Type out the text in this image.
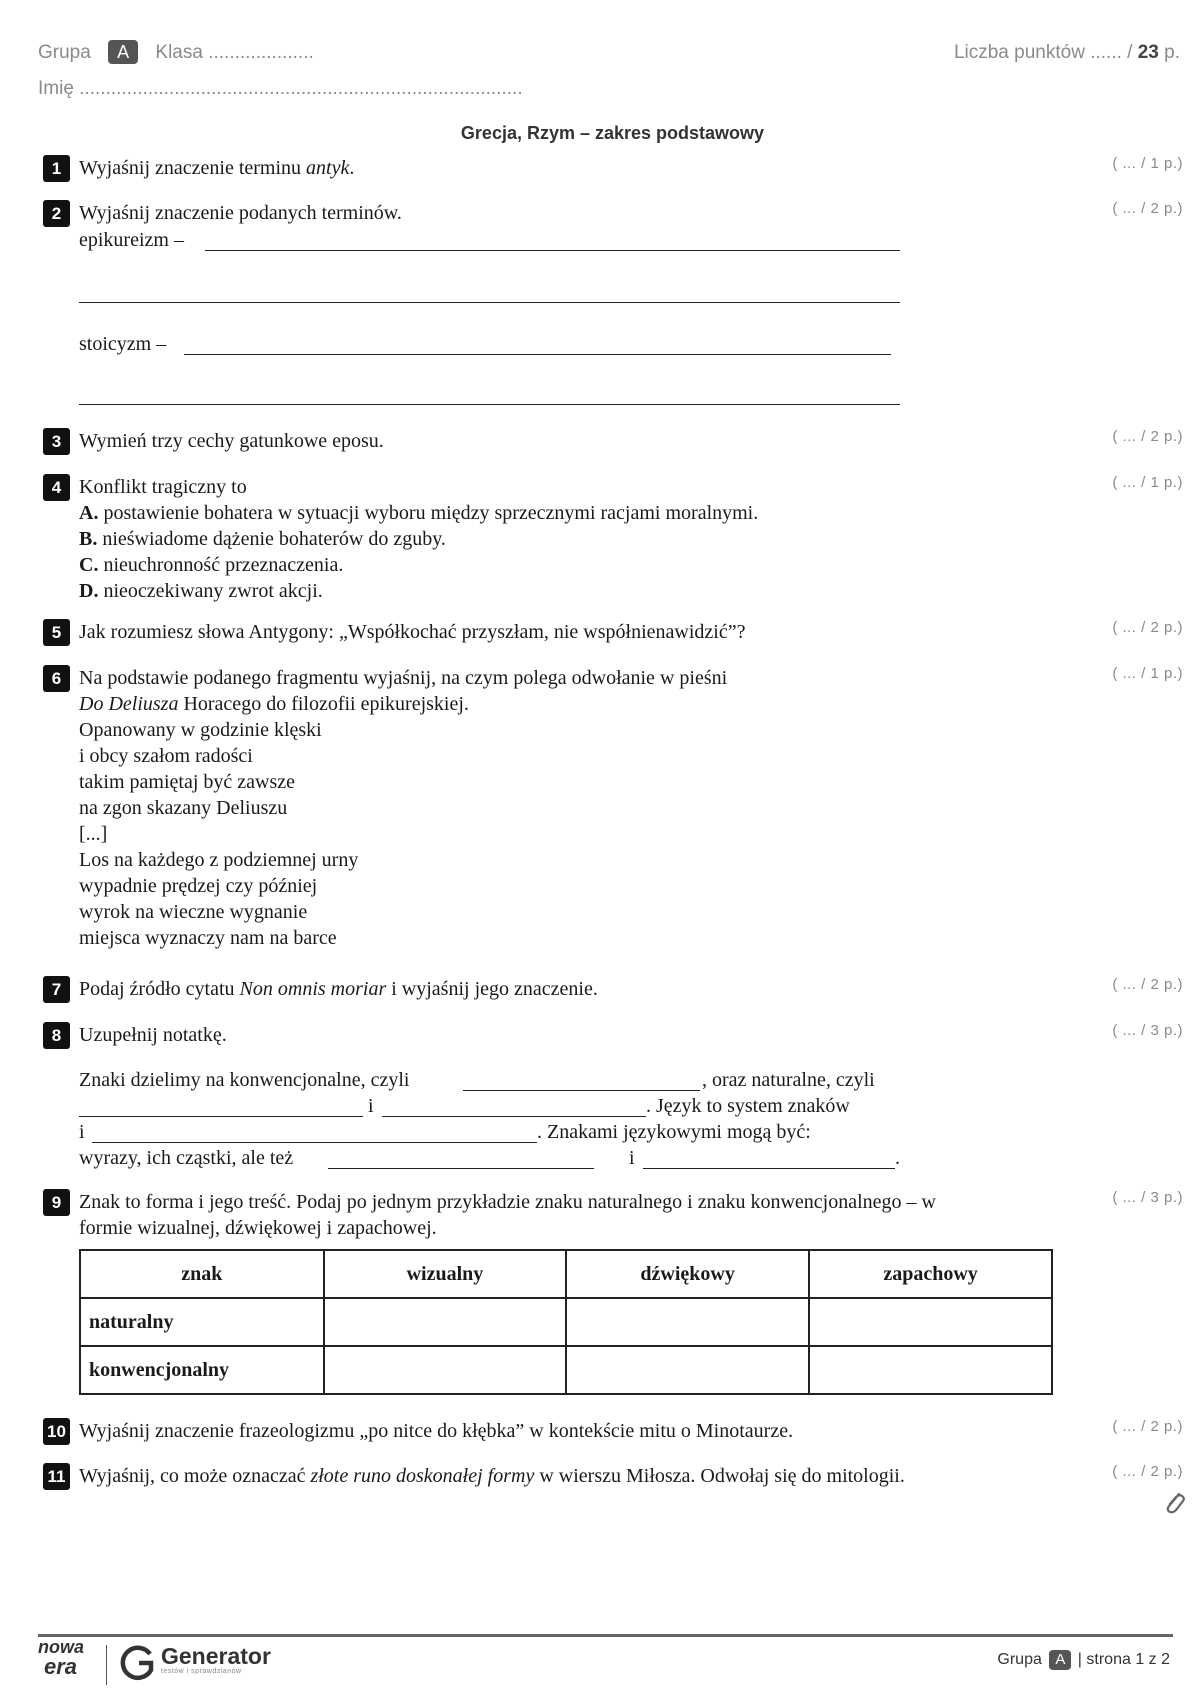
Grupa A Klasa ....................
Imię ....................................................................................
Liczba punktów ...... / 23 p.
Grecja, Rzym – zakres podstawowy
1 Wyjaśnij znaczenie terminu antyk.	( ... / 1 p.)
2 Wyjaśnij znaczenie podanych terminów.	( ... / 2 p.)
epikureizm –
stoicyzm –
3 Wymień trzy cechy gatunkowe eposu.	( ... / 2 p.)
4 Konflikt tragiczny to	( ... / 1 p.)
A. postawienie bohatera w sytuacji wyboru między sprzecznymi racjami moralnymi.
B. nieświadome dążenie bohaterów do zguby.
C. nieuchronność przeznaczenia.
D. nieoczekiwany zwrot akcji.
5 Jak rozumiesz słowa Antygony: „Współkochać przyszłam, nie współnienawidzić”?	( ... / 2 p.)
6 Na podstawie podanego fragmentu wyjaśnij, na czym polega odwołanie w pieśni	( ... / 1 p.)
Do Deliusza Horacego do filozofii epikurejskiej.
Opanowany w godzinie klęski
i obcy szałom radości
takim pamiętaj być zawsze
na zgon skazany Deliuszu
[...]
Los na każdego z podziemnej urny
wypadnie prędzej czy później
wyrok na wieczne wygnanie
miejsca wyznaczy nam na barce
7 Podaj źródło cytatu Non omnis moriar i wyjaśnij jego znaczenie.	( ... / 2 p.)
8 Uzupełnij notatkę.	( ... / 3 p.)
Znaki dzielimy na konwencjonalne, czyli	, oraz naturalne, czyli
i	. Język to system znaków
i	. Znakami językowymi mogą być:
wyrazy, ich cząstki, ale też	i	.
9 Znak to forma i jego treść. Podaj po jednym przykładzie znaku naturalnego i znaku konwencjonalnego – w	( ... / 3 p.)
formie wizualnej, dźwiękowej i zapachowej.
znak	wizualny	dźwiękowy	zapachowy
naturalny			
konwencjonalny			
10 Wyjaśnij znaczenie frazeologizmu „po nitce do kłębka” w kontekście mitu o Minotaurze.	( ... / 2 p.)
11 Wyjaśnij, co może oznaczać złote runo doskonałej formy w wierszu Miłosza. Odwołaj się do mitologii.	( ... / 2 p.)
nowa
era	Generator
testów i sprawdzianów
Grupa A | strona 1 z 2
